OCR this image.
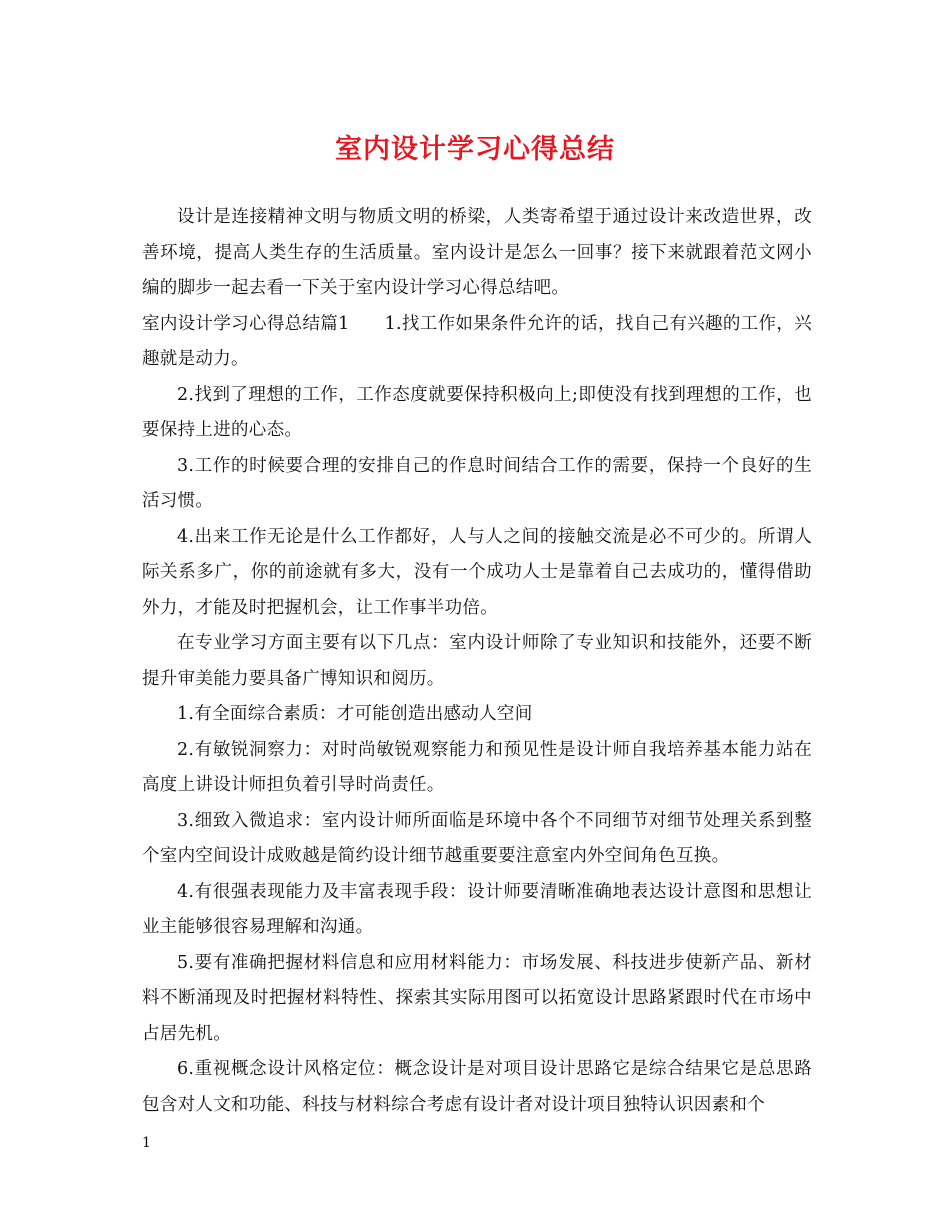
室内设计学习心得总结

设计是连接精神文明与物质文明的桥梁，人类寄希望于通过设计来改造世界，改善环境，提高人类生存的生活质量。室内设计是怎么一回事？接下来就跟着范文网小编的脚步一起去看一下关于室内设计学习心得总结吧。

室内设计学习心得总结篇1 1.找工作如果条件允许的话，找自己有兴趣的工作，兴趣就是动力。

2.找到了理想的工作，工作态度就要保持积极向上;即使没有找到理想的工作，也要保持上进的心态。

3.工作的时候要合理的安排自己的作息时间结合工作的需要，保持一个良好的生活习惯。

4.出来工作无论是什么工作都好，人与人之间的接触交流是必不可少的。所谓人际关系多广，你的前途就有多大，没有一个成功人士是靠着自己去成功的，懂得借助外力，才能及时把握机会，让工作事半功倍。

在专业学习方面主要有以下几点：室内设计师除了专业知识和技能外，还要不断提升审美能力要具备广博知识和阅历。

1.有全面综合素质：才可能创造出感动人空间

2.有敏锐洞察力：对时尚敏锐观察能力和预见性是设计师自我培养基本能力站在高度上讲设计师担负着引导时尚责任。

3.细致入微追求：室内设计师所面临是环境中各个不同细节对细节处理关系到整个室内空间设计成败越是简约设计细节越重要要注意室内外空间角色互换。

4.有很强表现能力及丰富表现手段：设计师要清晰准确地表达设计意图和思想让业主能够很容易理解和沟通。

5.要有准确把握材料信息和应用材料能力：市场发展、科技进步使新产品、新材料不断涌现及时把握材料特性、探索其实际用图可以拓宽设计思路紧跟时代在市场中占居先机。

6.重视概念设计风格定位：概念设计是对项目设计思路它是综合结果它是总思路包含对人文和功能、科技与材料综合考虑有设计者对设计项目独特认识因素和个

1
